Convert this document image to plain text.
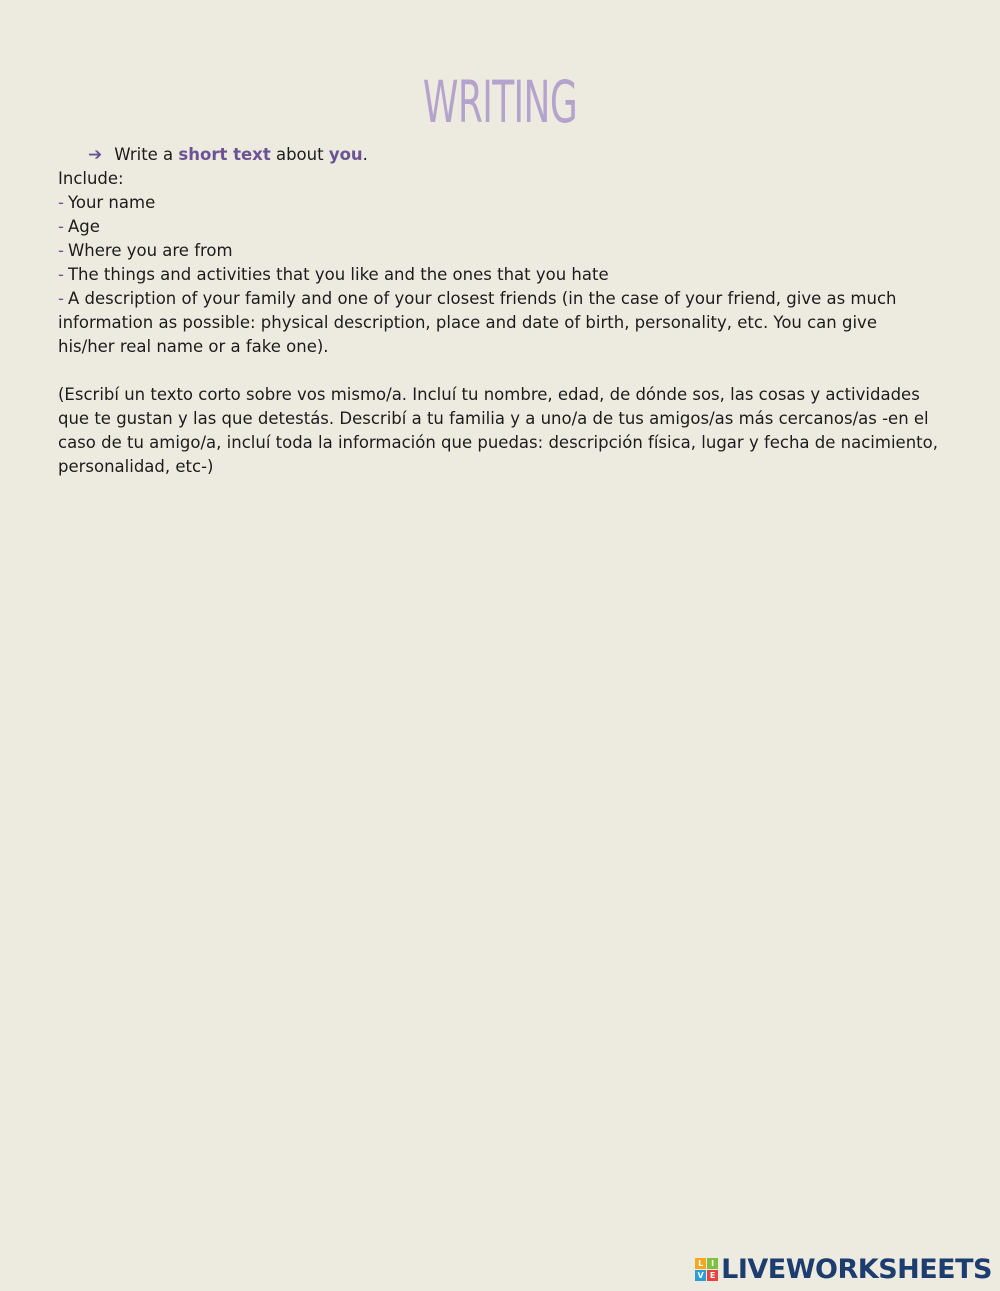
WRITING
➔ Write a short text about you.
Include:
- Your name
- Age
- Where you are from
- The things and activities that you like and the ones that you hate
- A description of your family and one of your closest friends (in the case of your friend, give as much information as possible: physical description, place and date of birth, personality, etc. You can give his/her real name or a fake one).
(Escribí un texto corto sobre vos mismo/a. Incluí tu nombre, edad, de dónde sos, las cosas y actividades que te gustan y las que detestás. Describí a tu familia y a uno/a de tus amigos/as más cercanos/as -en el caso de tu amigo/a, incluí toda la información que puedas: descripción física, lugar y fecha de nacimiento, personalidad, etc-)
L I
V E LIVEWORKSHEETS
